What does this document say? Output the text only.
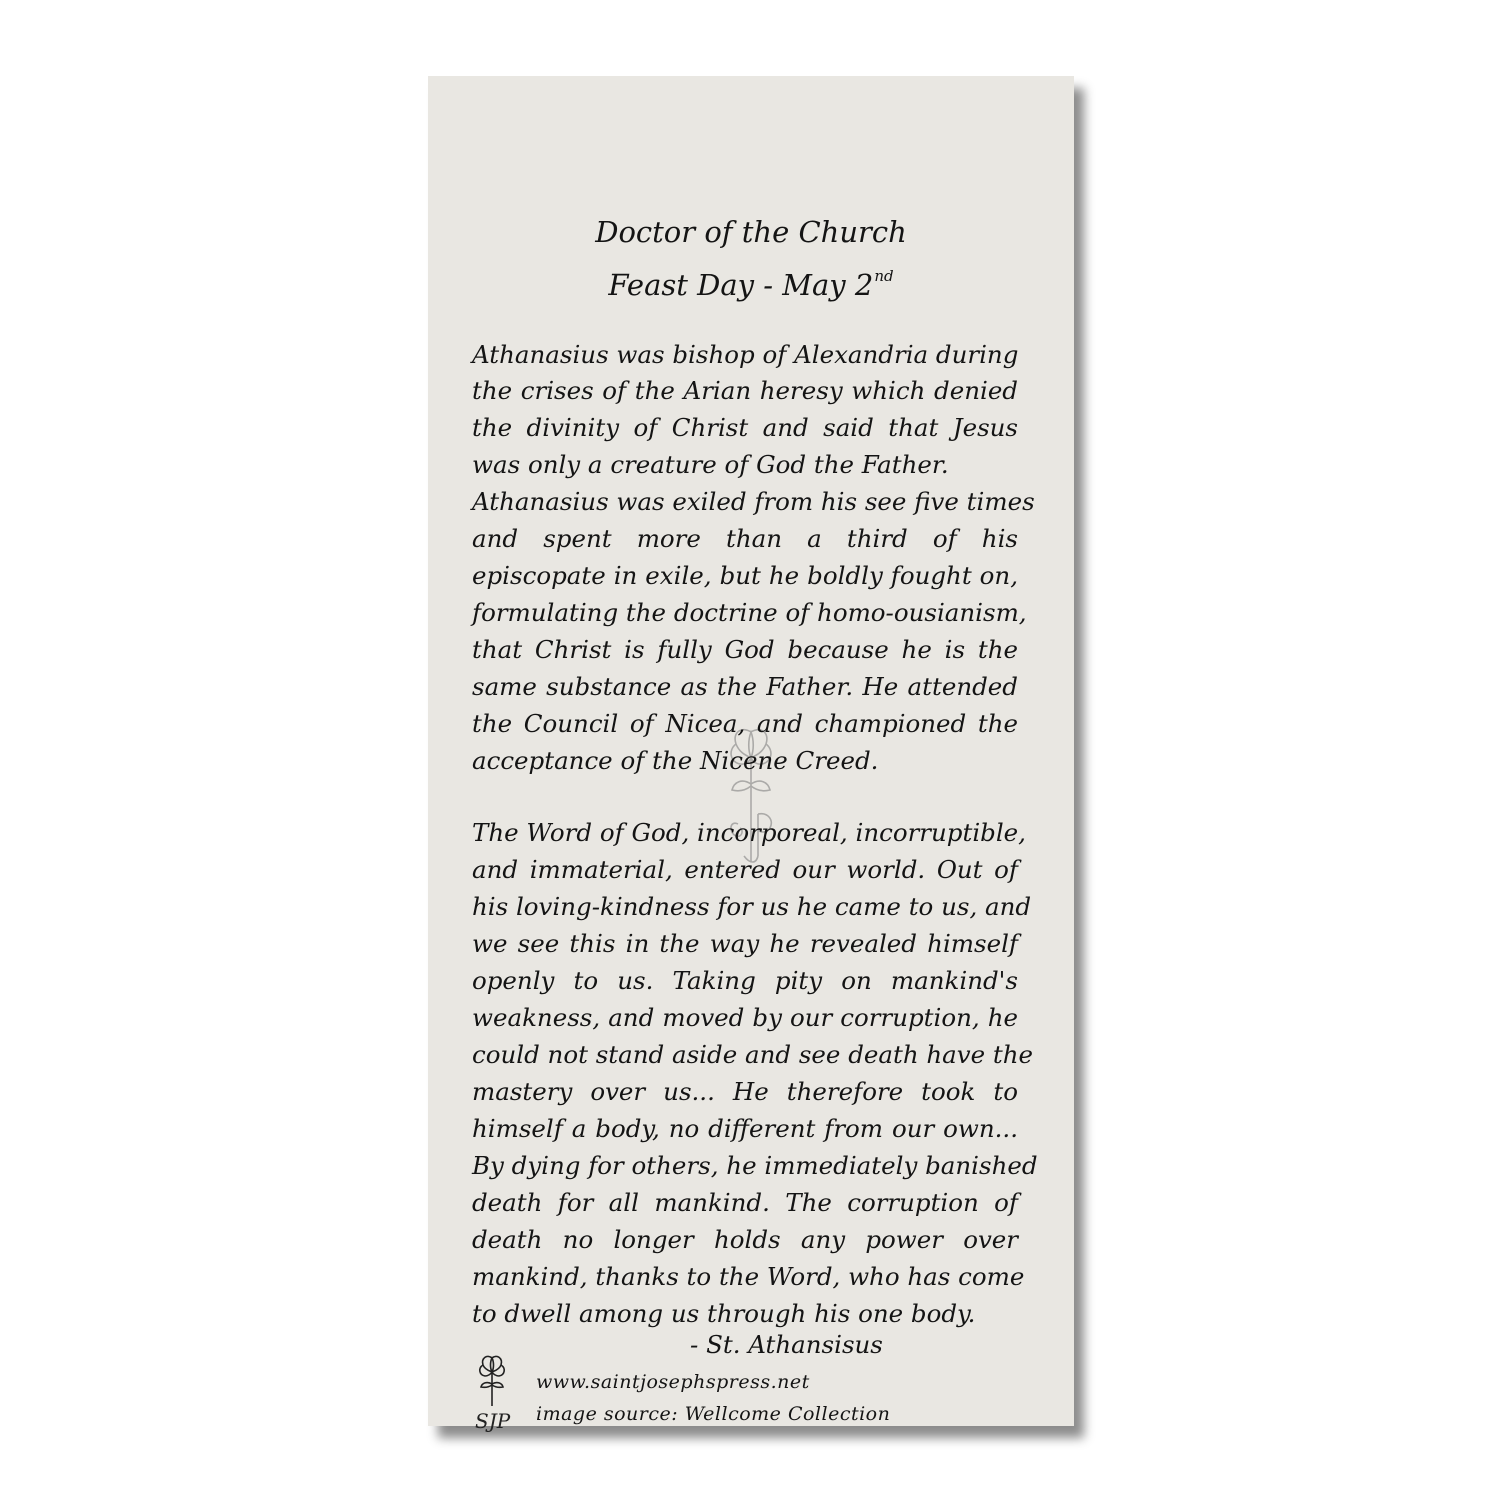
Doctor of the Church
Feast Day - May 2nd
Athanasius was bishop of Alexandria during
the crises of the Arian heresy which denied
the divinity of Christ and said that Jesus
was only a creature of God the Father.
Athanasius was exiled from his see five times
and spent more than a third of his
episcopate in exile, but he boldly fought on,
formulating the doctrine of homo-ousianism,
that Christ is fully God because he is the
same substance as the Father. He attended
the Council of Nicea, and championed the
acceptance of the Nicene Creed.
The Word of God, incorporeal, incorruptible,
and immaterial, entered our world. Out of
his loving-kindness for us he came to us, and
we see this in the way he revealed himself
openly to us. Taking pity on mankind's
weakness, and moved by our corruption, he
could not stand aside and see death have the
mastery over us... He therefore took to
himself a body, no different from our own...
By dying for others, he immediately banished
death for all mankind. The corruption of
death no longer holds any power over
mankind, thanks to the Word, who has come
to dwell among us through his one body.
- St. Athansisus
SJP
www.saintjosephspress.net
image source: Wellcome Collection
